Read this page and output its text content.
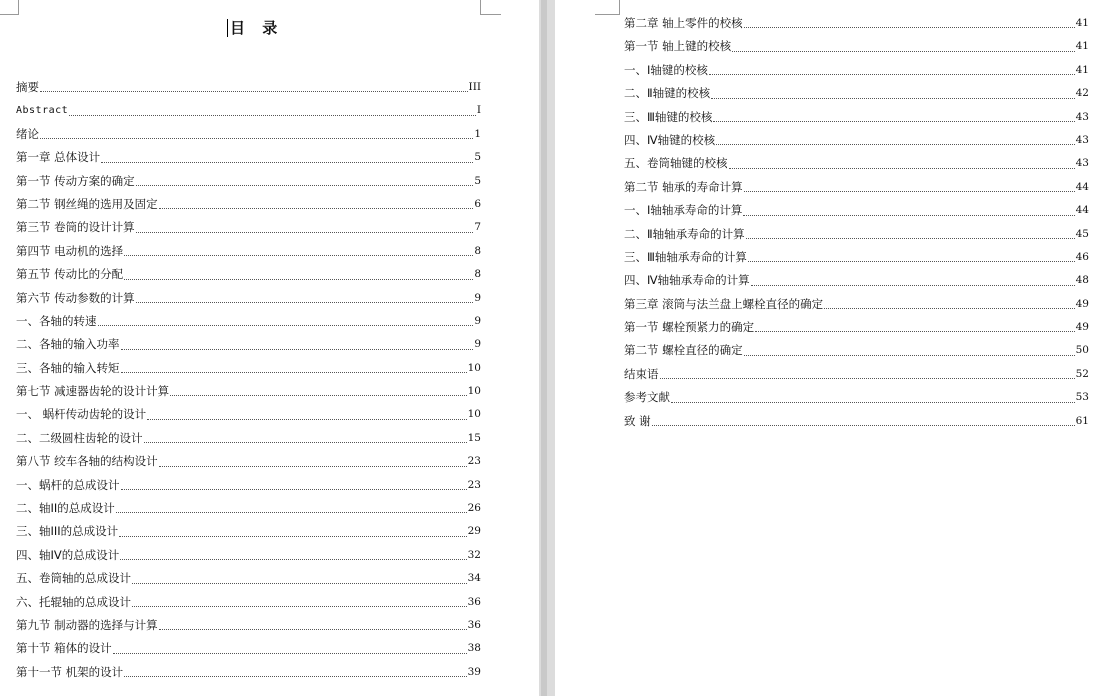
目 录
摘要	III
Abstract	I
绪论	1
第一章 总体设计	5
第一节 传动方案的确定	5
第二节 钢丝绳的选用及固定	6
第三节 卷筒的设计计算	7
第四节 电动机的选择	8
第五节 传动比的分配	8
第六节 传动参数的计算	9
一、各轴的转速	9
二、各轴的输入功率	9
三、各轴的输入转矩	10
第七节 减速器齿轮的设计计算	10
一、 蜗杆传动齿轮的设计	10
二、二级圆柱齿轮的设计	15
第八节 绞车各轴的结构设计	23
一、蜗杆的总成设计	23
二、轴II的总成设计	26
三、轴III的总成设计	29
四、轴IV的总成设计	32
五、卷筒轴的总成设计	34
六、托辊轴的总成设计	36
第九节 制动器的选择与计算	36
第十节 箱体的设计	38
第十一节 机架的设计	39
第二章 轴上零件的校核	41
第一节 轴上键的校核	41
一、Ⅰ轴键的校核	41
二、Ⅱ轴键的校核	42
三、Ⅲ轴键的校核	43
四、Ⅳ轴键的校核	43
五、卷筒轴键的校核	43
第二节 轴承的寿命计算	44
一、Ⅰ轴轴承寿命的计算	44
二、Ⅱ轴轴承寿命的计算	45
三、Ⅲ轴轴承寿命的计算	46
四、Ⅳ轴轴承寿命的计算	48
第三章 滚筒与法兰盘上螺栓直径的确定	49
第一节 螺栓预紧力的确定	49
第二节 螺栓直径的确定	50
结束语	52
参考文献	53
致 谢	61
